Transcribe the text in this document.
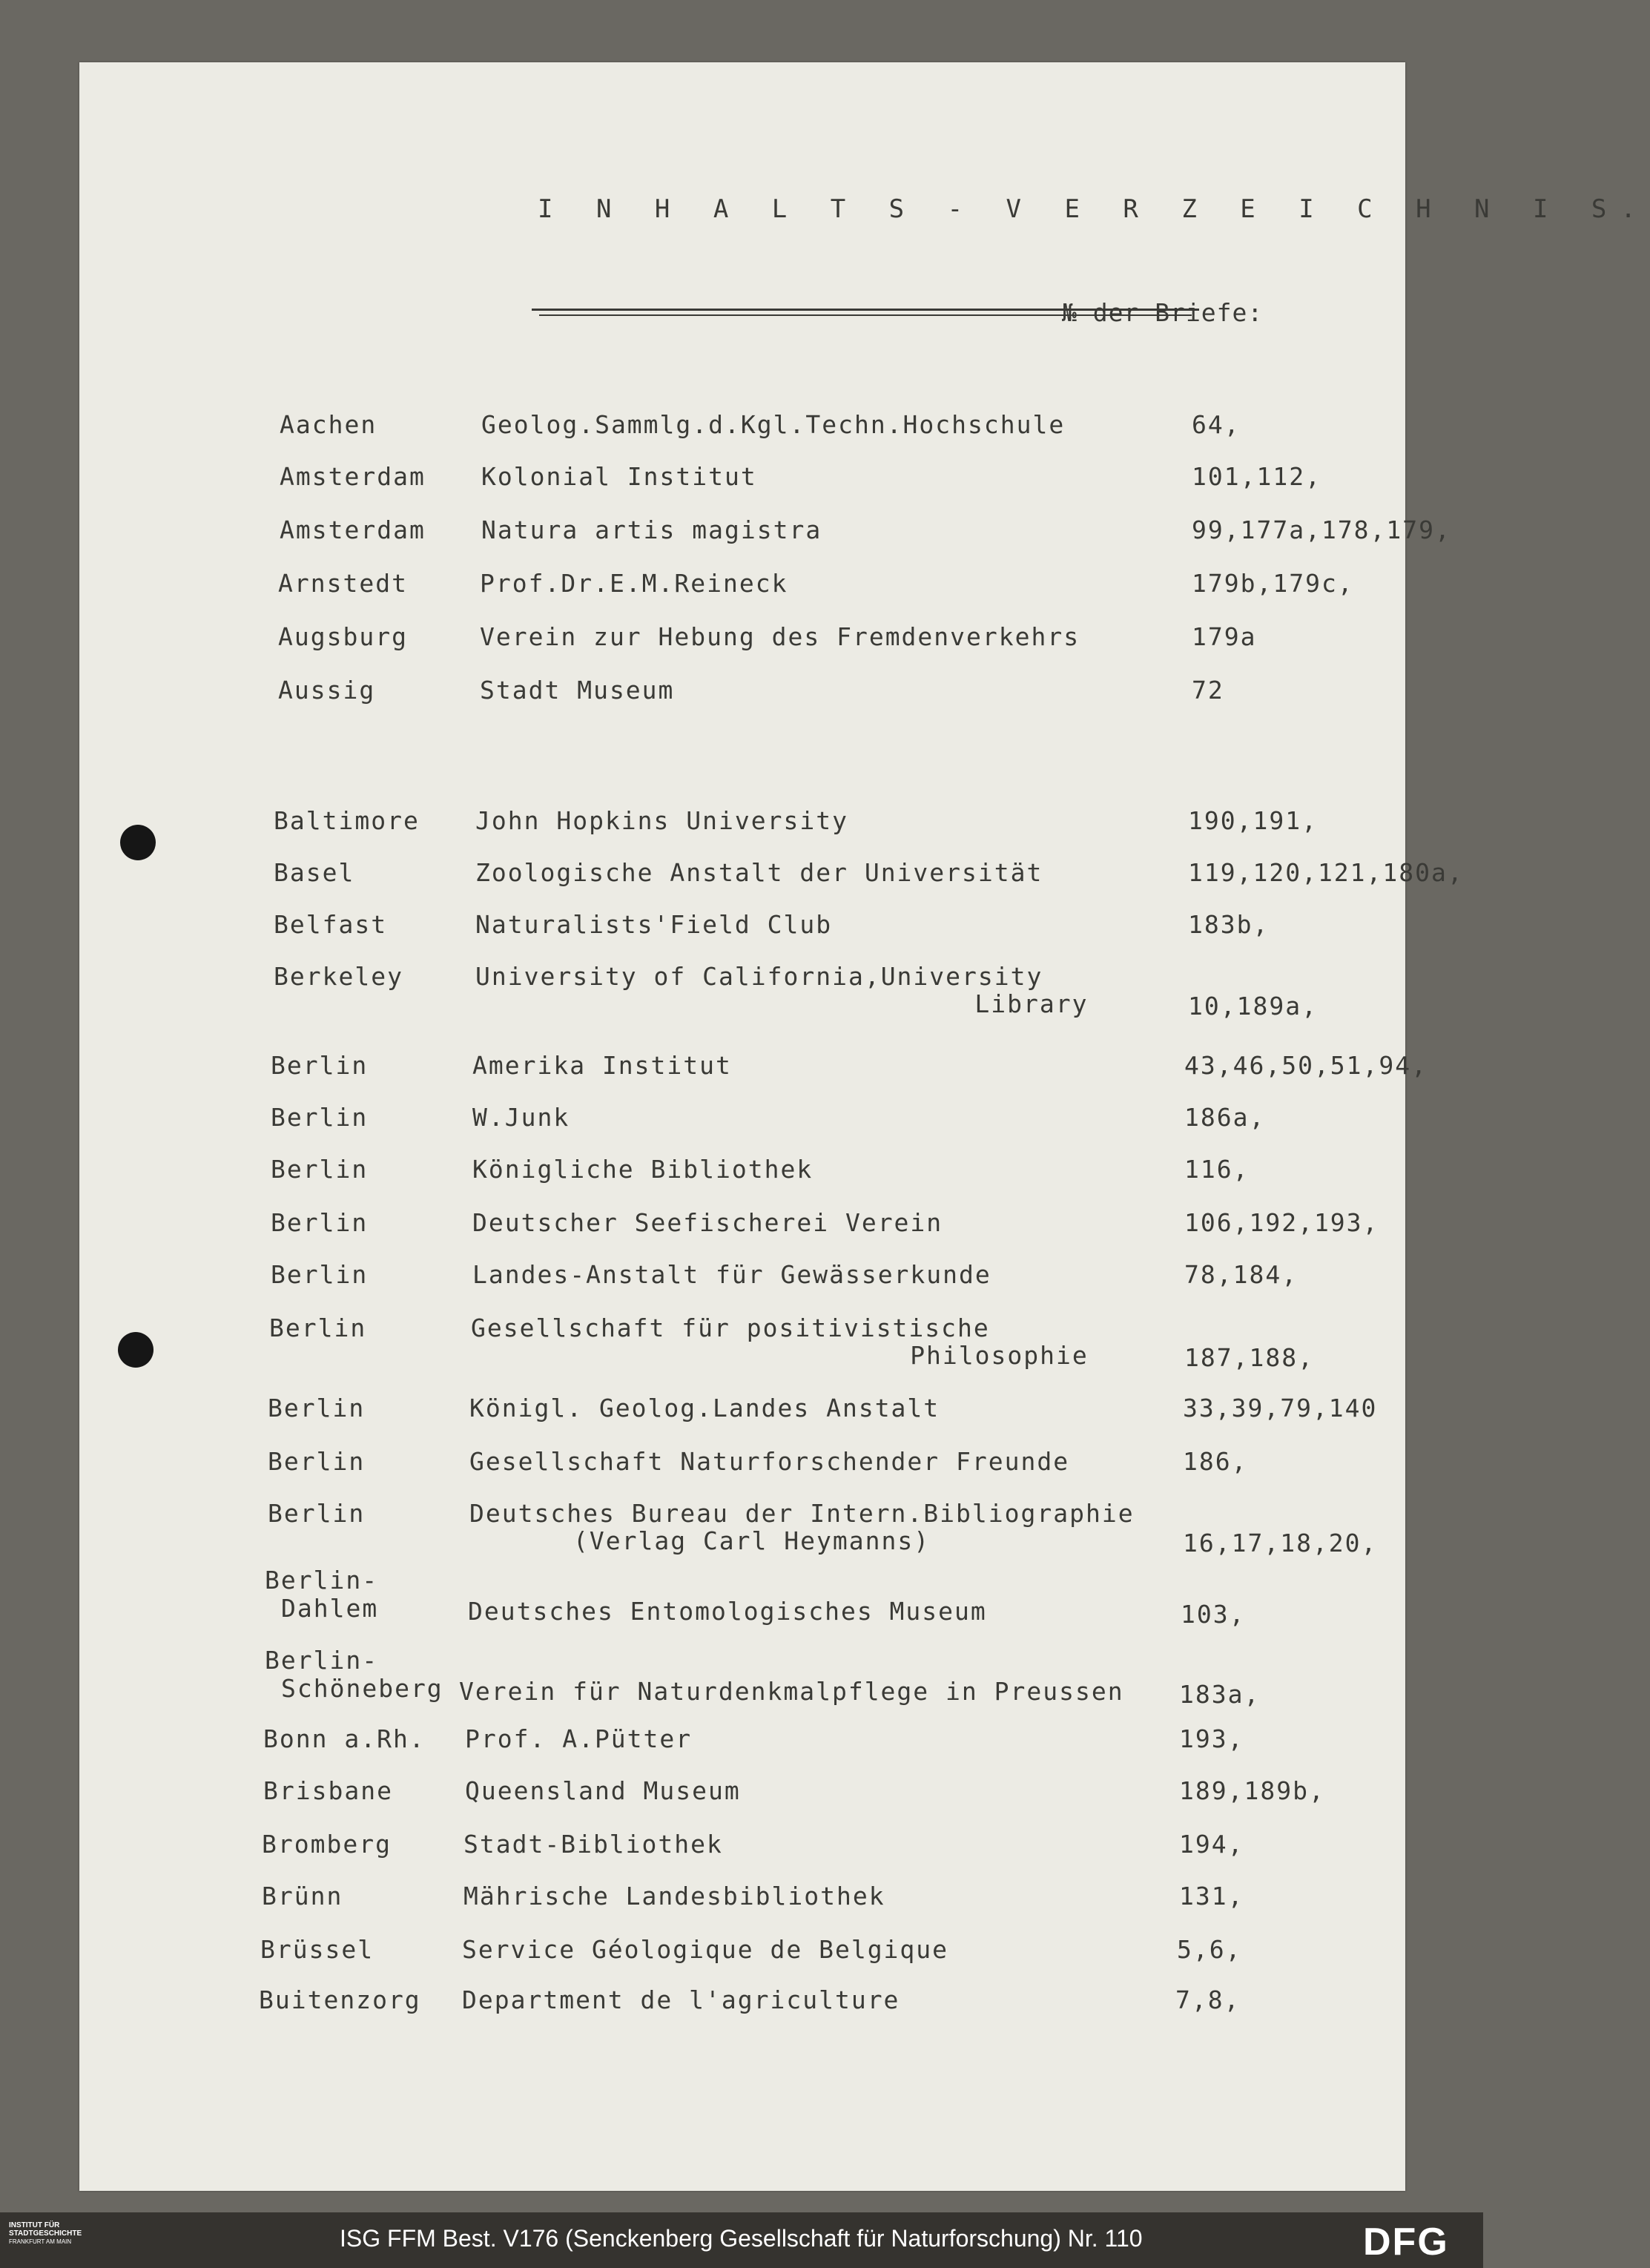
I N H A L T S - V E R Z E I C H N I S.
№ der Briefe:
Aachen	Geolog.Sammlg.d.Kgl.Techn.Hochschule	64,
Amsterdam Kolonial Institut	101,112,
Amsterdam Natura artis magistra	99,177a,178,179,
Arnstedt	Prof.Dr.E.M.Reineck	179b,179c,
Augsburg	Verein zur Hebung des Fremdenverkehrs	179a
Aussig	Stadt Museum	72
Baltimore John Hopkins University	190,191,
Basel	Zoologische Anstalt der Universität	119,120,121,180a,
Belfast	Naturalists'Field Club	183b,
Berkeley	University of California,University
Library	10,189a,
Berlin	Amerika Institut	43,46,50,51,94,
Berlin	W.Junk	186a,
Berlin	Königliche Bibliothek	116,
Berlin	Deutscher Seefischerei Verein	106,192,193,
Berlin	Landes-Anstalt für Gewässerkunde	78,184,
Berlin	Gesellschaft für positivistische
Philosophie	187,188,
Berlin	Königl. Geolog.Landes Anstalt	33,39,79,140
Berlin	Gesellschaft Naturforschender Freunde	186,
Berlin	Deutsches Bureau der Intern.Bibliographie
(Verlag Carl Heymanns)	16,17,18,20,
Berlin-
Dahlem	Deutsches Entomologisches Museum	103,
Berlin-
Schöneberg Verein für Naturdenkmalpflege in Preussen 183a,
Bonn a.Rh. Prof. A.Pütter	193,
Brisbane	Queensland Museum	189,189b,
Bromberg	Stadt-Bibliothek	194,
Brünn	Mährische Landesbibliothek	131,
Brüssel	Service Géologique de Belgique	5,6,
Buitenzorg Department de l'agriculture	7,8,
INSTITUT FÜR
STADTGESCHICHTE
FRANKFURT AM MAIN	ISG FFM Best. V176 (Senckenberg Gesellschaft für Naturforschung) Nr. 110	DFG
